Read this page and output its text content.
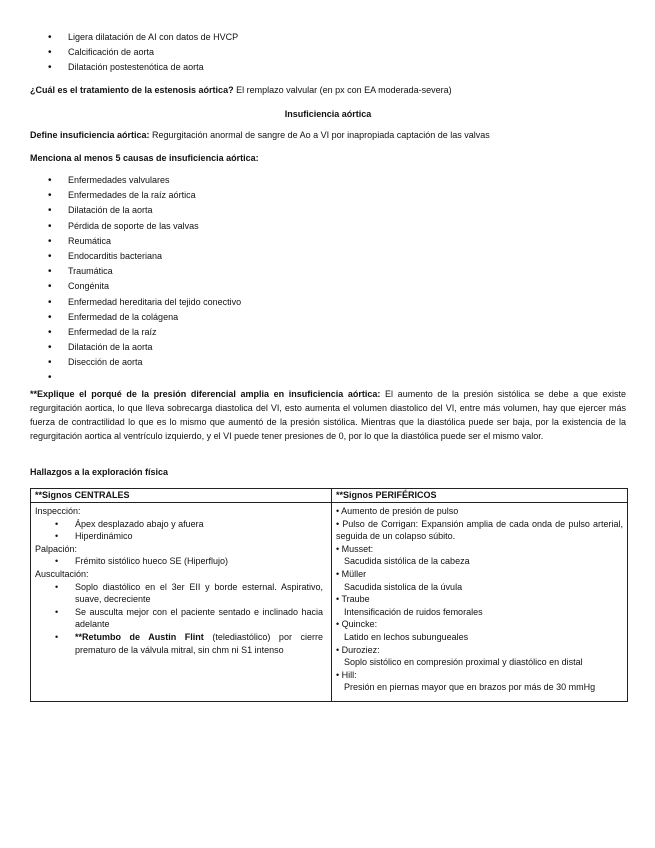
• Ligera dilatación de AI con datos de HVCP
• Calcificación de aorta
• Dilatación postestenótica de aorta
¿Cuál es el tratamiento de la estenosis aórtica? El remplazo valvular (en px con EA moderada-severa)
Insuficiencia aórtica
Define insuficiencia aórtica: Regurgitación anormal de sangre de Ao a VI por inapropiada captación de las valvas
Menciona al menos 5 causas de insuficiencia aórtica:
• Enfermedades valvulares
• Enfermedades de la raíz aórtica
• Dilatación de la aorta
• Pérdida de soporte de las valvas
• Reumática
• Endocarditis bacteriana
• Traumática
• Congénita
• Enfermedad hereditaria del tejido conectivo
• Enfermedad de la colágena
• Enfermedad de la raíz
• Dilatación de la aorta
• Disección de aorta
•
**Explique el porqué de la presión diferencial amplia en insuficiencia aórtica: El aumento de la presión sistólica se debe a que existe regurgitación aortica, lo que lleva sobrecarga diastolica del VI, esto aumenta el volumen diastolico del VI, entre más volumen, hay que ejercer más fuerza de contractilidad lo que es lo mismo que aumentó de la presión sistólica. Mientras que la diastólica puede ser baja, por la existencia de la regurgitación aortica al ventrículo izquierdo, y el VI puede tener presiones de 0, por lo que la diastólica puede ser el mismo valor.
Hallazgos a la exploración física
**Signos CENTRALES
Inspección:
• Ápex desplazado abajo y afuera
• Hiperdinámico
Palpación:
• Frémito sistólico hueco SE (Hiperflujo)
Auscultación:
• Soplo diastólico en el 3er EII y borde esternal. Aspirativo, suave, decreciente
• Se ausculta mejor con el paciente sentado e inclinado hacia adelante
• **Retumbo de Austin Flint (telediastólico) por cierre prematuro de la válvula mitral, sin chm ni S1 intenso
**Signos PERIFÉRICOS
• Aumento de presión de pulso
• Pulso de Corrigan: Expansión amplia de cada onda de pulso arterial, seguida de un colapso súbito.
• Musset:
Sacudida sistólica de la cabeza
• Müller
Sacudida sistolica de la úvula
• Traube
Intensificación de ruidos femorales
• Quincke:
Latido en lechos subungueales
• Duroziez:
Soplo sistólico en compresión proximal y diastólico en distal
• Hill:
Presión en piernas mayor que en brazos por más de 30 mmHg
